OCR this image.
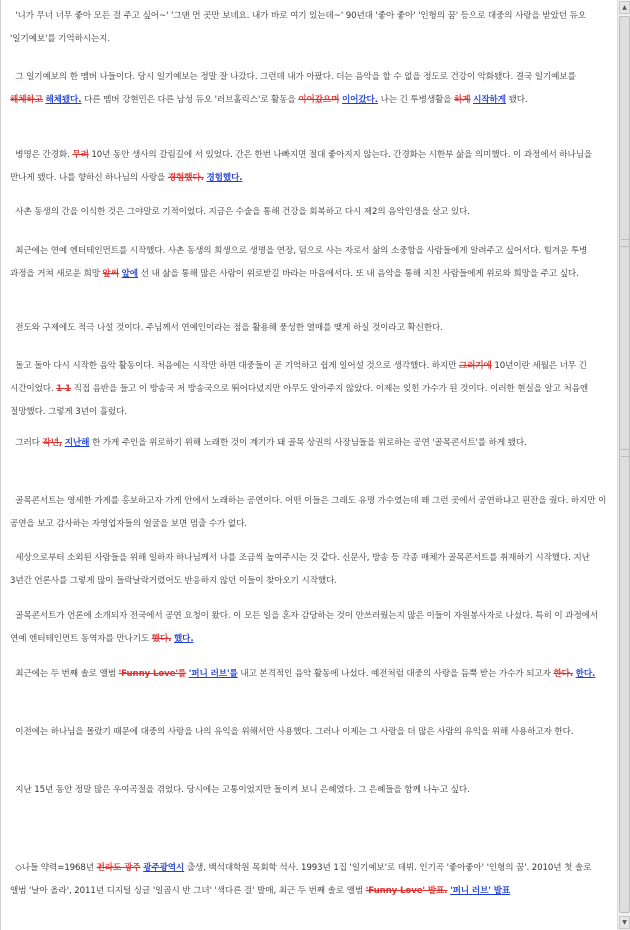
'니가 무너 너무 좋아 모든 걸 주고 싶어~' '그댄 먼 곳만 보네요. 내가 바로 여기 있는데~' 90년대 '좋아 좋아' '인형의 꿈' 등으로 대중의 사랑을 받았던 듀오 '일기예보'를 기억하시는지.

그 일기예보의 한 멤버 나들이다. 당시 일기예보는 정말 잘 나갔다. 그런데 내가 아팠다. 더는 음악을 할 수 없을 정도로 건강이 악화됐다. 결국 일기예보를 해체하고 해체됐다. 다른 멤버 강현민은 다른 남성 듀오 '러브홀릭스'로 활동을 이어갔으며 이어갔다. 나는 긴 투병생활을 하게 시작하게 됐다.

병명은 간경화. 무려 10년 동안 생사의 갈림길에 서 있었다. 간은 한번 나빠지면 절대 좋아지지 않는다. 간경화는 시한부 삶을 의미했다. 이 과정에서 하나님을 만나게 됐다. 나를 향하신 하나님의 사랑을 경험했다. 경험했다.

사촌 동생의 간을 이식한 것은 그야말로 기적이었다. 지금은 수술을 통해 건강을 회복하고 다시 제2의 음악인생을 살고 있다.

최근에는 연예 엔터테인먼트를 시작했다. 사촌 동생의 희생으로 생명을 연장, 덤으로 사는 자로서 삶의 소중함을 사람들에게 알려주고 싶어서다. 힘겨운 투병 과정을 거쳐 새로운 희망 앞써 앞에 선 내 삶을 통해 많은 사람이 위로받길 바라는 마음에서다. 또 내 음악을 통해 지친 사람들에게 위로와 희망을 주고 싶다.

전도와 구제에도 적극 나설 것이다. 주님께서 연예인이라는 점을 활용해 풍성한 열매를 맺게 하실 것이라고 확신한다.

돌고 돌아 다시 시작한 음악 활동이다. 처음에는 시작만 하면 대중들이 곧 기억하고 쉽게 일어설 것으로 생각했다. 하지만 그러기에 10년이란 세월은 너무 긴 시간이었다. 1 1 직접 음반을 들고 이 방송국 저 방송국으로 뛰어다녔지만 아무도 알아주지 않았다. 이제는 잊힌 가수가 된 것이다. 이러한 현실을 알고 처음엔 절망했다. 그렇게 3년이 흘렀다.

그러다 작년, 지난해 한 가게 주인을 위로하기 위해 노래한 것이 계기가 돼 골목 상권의 사장님들을 위로하는 공연 '골목콘서트'를 하게 됐다.

골목콘서트는 영세한 가게를 홍보하고자 가게 안에서 노래하는 공연이다. 어떤 이들은 그래도 유명 가수였는데 왜 그런 곳에서 공연하냐고 핀잔을 줬다. 하지만 이 공연을 보고 감사하는 자영업자들의 얼굴을 보면 멈출 수가 없다.

세상으로부터 소외된 사람들을 위해 일하자 하나님께서 나를 조금씩 높여주시는 것 같다. 신문사, 방송 등 각종 매체가 골목콘서트를 취재하기 시작했다. 지난 3년간 언론사를 그렇게 많이 들락날락거렸어도 반응하지 않던 이들이 찾아오기 시작했다.

골목콘서트가 언론에 소개되자 전국에서 공연 요청이 왔다. 이 모든 일을 혼자 감당하는 것이 안쓰러웠는지 많은 이들이 자원봉사자로 나섰다. 특히 이 과정에서 연예 엔터테인먼트 동역자를 만나기도 했다. 했다.

최근에는 두 번째 솔로 앨범 'Funny Love'를 '퍼니 러브'를 내고 본격적인 음악 활동에 나섰다. 예전처럼 대중의 사랑을 듬뿍 받는 가수가 되고자 한다. 한다.

이전에는 하나님을 몰랐기 때문에 대중의 사랑을 나의 유익을 위해서만 사용했다. 그러나 이제는 그 사랑을 더 많은 사람의 유익을 위해 사용하고자 한다.

지난 15년 동안 정말 많은 우여곡절을 겪었다. 당시에는 고통이었지만 돌이켜 보니 은혜였다. 그 은혜들을 함께 나누고 싶다.

◇나들 약력=1968년 전라도 광주 광주광역시 출생, 백석대학원 목회학 석사. 1993년 1집 '일기예보'로 데뷔. 인기곡 '좋아좋아' '인형의 꿈'. 2010년 첫 솔로 앨범 '날아 올라', 2011년 디지털 싱글 '일곱시 반 그녀' '색다른 걸' 발매, 최근 두 번째 솔로 앨범 'Funny Love' 발표. '퍼니 러브' 발표

▲
▼
